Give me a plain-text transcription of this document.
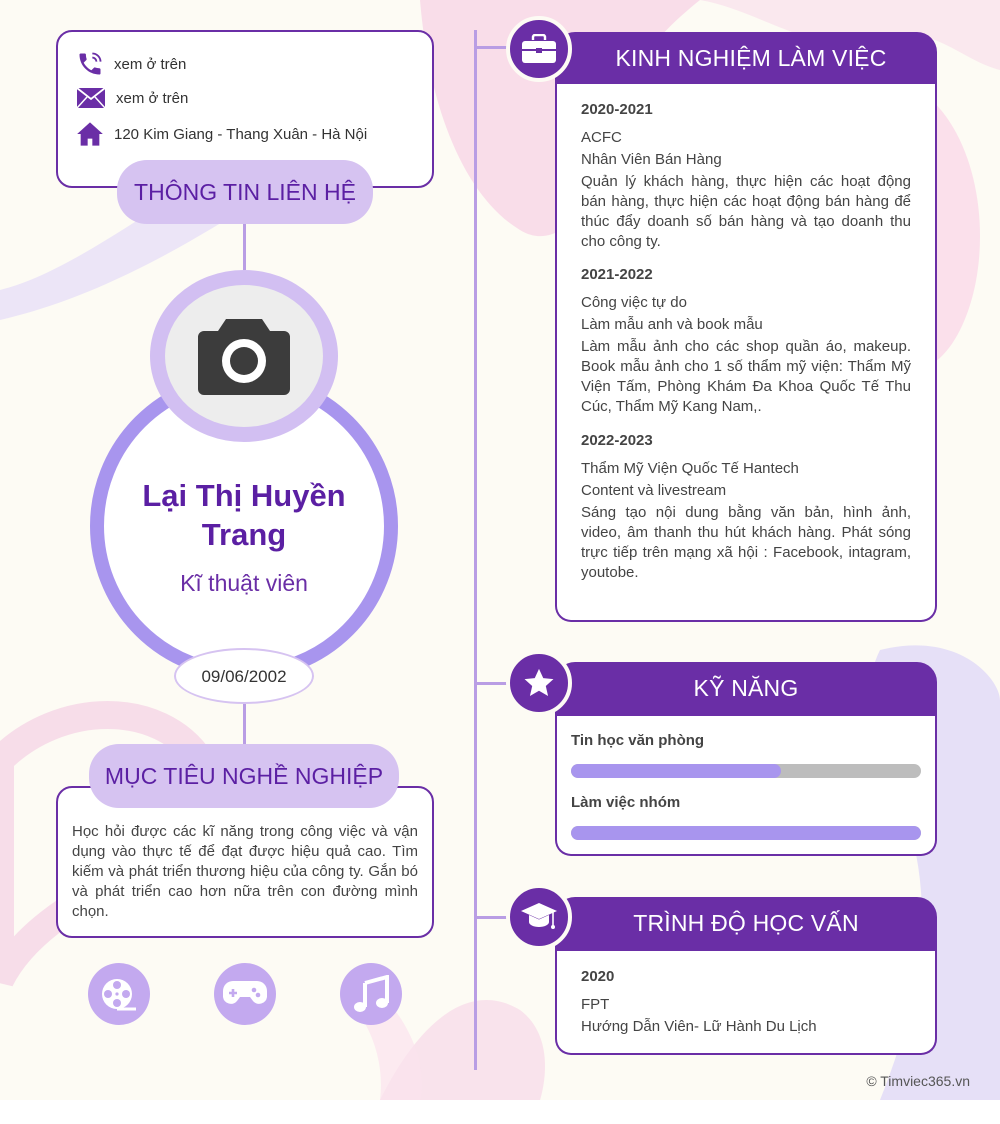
xem ở trên
xem ở trên
120 Kim Giang - Thang Xuân - Hà Nội
THÔNG TIN LIÊN HỆ
Lại Thị Huyền Trang
Kĩ thuật viên
09/06/2002
Học hỏi được các kĩ năng trong công việc và vận dụng vào thực tế để đạt được hiệu quả cao. Tìm kiếm và phát triển thương hiệu của công ty. Gắn bó và phát triển cao hơn nữa trên con đường mình chọn.
MỤC TIÊU NGHỀ NGHIỆP
KINH NGHIỆM LÀM VIỆC
2020-2021
ACFC
Nhân Viên Bán Hàng
Quản lý khách hàng, thực hiện các hoạt động bán hàng, thực hiện các hoạt động bán hàng để thúc đẩy doanh số bán hàng và tạo doanh thu cho công ty.
2021-2022
Công việc tự do
Làm mẫu anh và book mẫu
Làm mẫu ảnh cho các shop quần áo, makeup. Book mẫu ảnh cho 1 số thẩm mỹ viện: Thẩm Mỹ Viện Tấm, Phòng Khám Đa Khoa Quốc Tế Thu Cúc, Thẩm Mỹ Kang Nam,.
2022-2023
Thẩm Mỹ Viện Quốc Tế Hantech
Content và livestream
Sáng tạo nội dung bằng văn bản, hình ảnh, video, âm thanh thu hút khách hàng. Phát sóng trực tiếp trên mạng xã hội : Facebook, intagram, youtobe.
KỸ NĂNG
Tin học văn phòng
Làm việc nhóm
TRÌNH ĐỘ HỌC VẤN
2020
FPT
Hướng Dẫn Viên- Lữ Hành Du Lịch
© Timviec365.vn
